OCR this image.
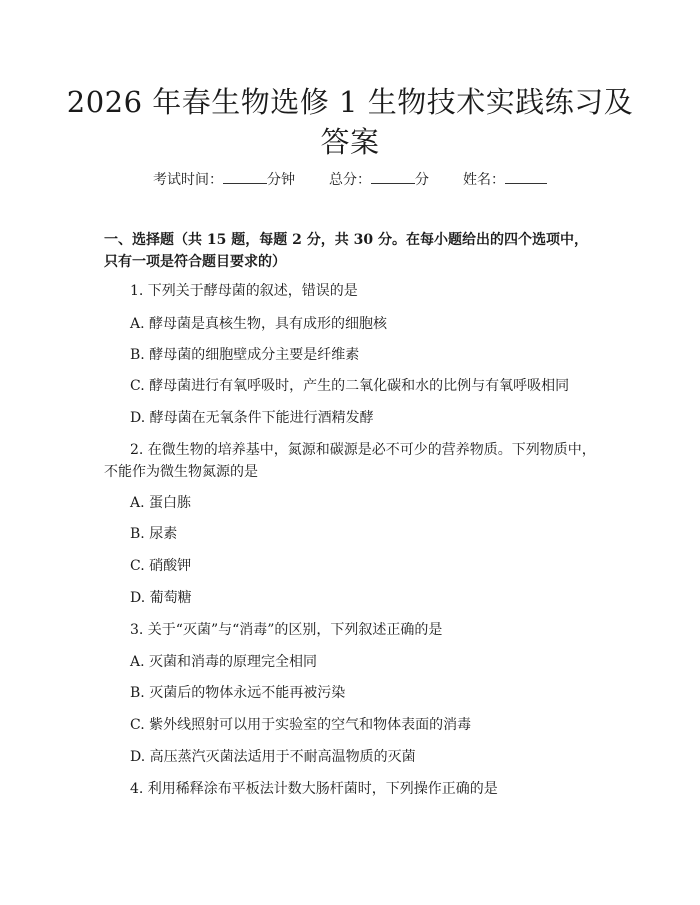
2026 年春生物选修 1 生物技术实践练习及答案
考试时间：	分钟 总分：	分 姓名：
一、选择题（共 15 题，每题 2 分，共 30 分。在每小题给出的四个选项中，只有一项是符合题目要求的）
1. 下列关于酵母菌的叙述，错误的是
A. 酵母菌是真核生物，具有成形的细胞核
B. 酵母菌的细胞壁成分主要是纤维素
C. 酵母菌进行有氧呼吸时，产生的二氧化碳和水的比例与有氧呼吸相同
D. 酵母菌在无氧条件下能进行酒精发酵
2. 在微生物的培养基中，氮源和碳源是必不可少的营养物质。下列物质中，不能作为微生物氮源的是
A. 蛋白胨
B. 尿素
C. 硝酸钾
D. 葡萄糖
3. 关于“灭菌”与“消毒”的区别，下列叙述正确的是
A. 灭菌和消毒的原理完全相同
B. 灭菌后的物体永远不能再被污染
C. 紫外线照射可以用于实验室的空气和物体表面的消毒
D. 高压蒸汽灭菌法适用于不耐高温物质的灭菌
4. 利用稀释涂布平板法计数大肠杆菌时，下列操作正确的是
